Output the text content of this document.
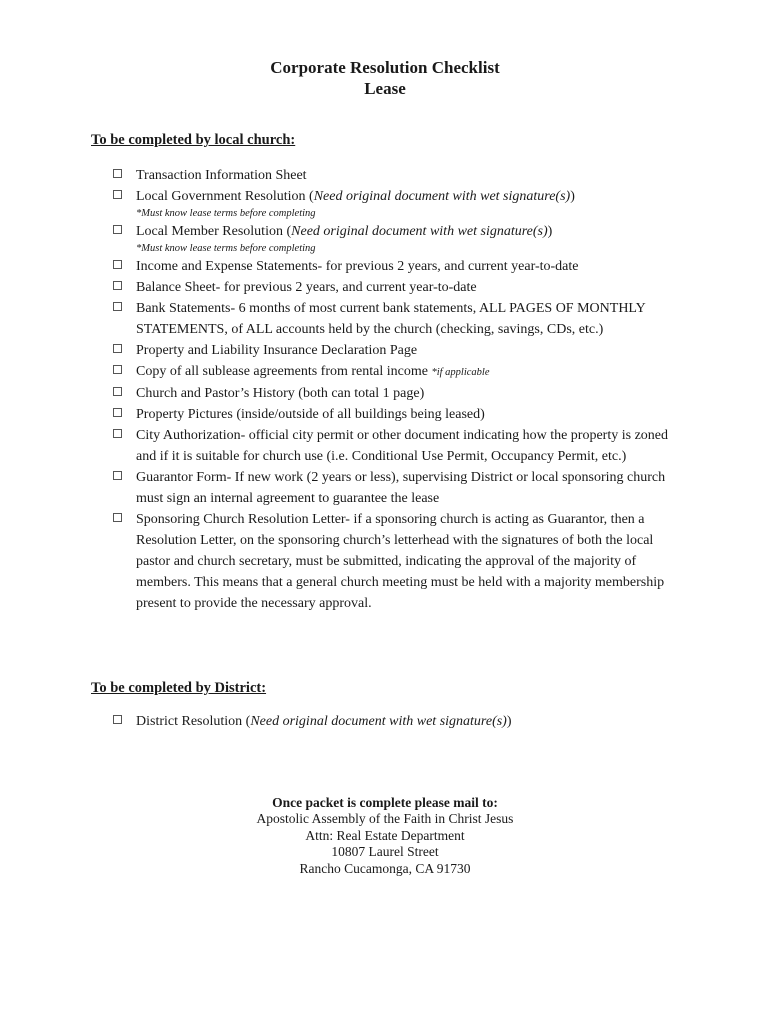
Corporate Resolution Checklist
Lease
To be completed by local church:
Transaction Information Sheet
Local Government Resolution (Need original document with wet signature(s))
*Must know lease terms before completing
Local Member Resolution (Need original document with wet signature(s))
*Must know lease terms before completing
Income and Expense Statements- for previous 2 years, and current year-to-date
Balance Sheet- for previous 2 years, and current year-to-date
Bank Statements- 6 months of most current bank statements, ALL PAGES OF MONTHLY STATEMENTS, of ALL accounts held by the church (checking, savings, CDs, etc.)
Property and Liability Insurance Declaration Page
Copy of all sublease agreements from rental income *if applicable
Church and Pastor’s History (both can total 1 page)
Property Pictures (inside/outside of all buildings being leased)
City Authorization- official city permit or other document indicating how the property is zoned and if it is suitable for church use (i.e. Conditional Use Permit, Occupancy Permit, etc.)
Guarantor Form- If new work (2 years or less), supervising District or local sponsoring church must sign an internal agreement to guarantee the lease
Sponsoring Church Resolution Letter- if a sponsoring church is acting as Guarantor, then a Resolution Letter, on the sponsoring church’s letterhead with the signatures of both the local pastor and church secretary, must be submitted, indicating the approval of the majority of members. This means that a general church meeting must be held with a majority membership present to provide the necessary approval.
To be completed by District:
District Resolution (Need original document with wet signature(s))
Once packet is complete please mail to:
Apostolic Assembly of the Faith in Christ Jesus
Attn: Real Estate Department
10807 Laurel Street
Rancho Cucamonga, CA 91730
